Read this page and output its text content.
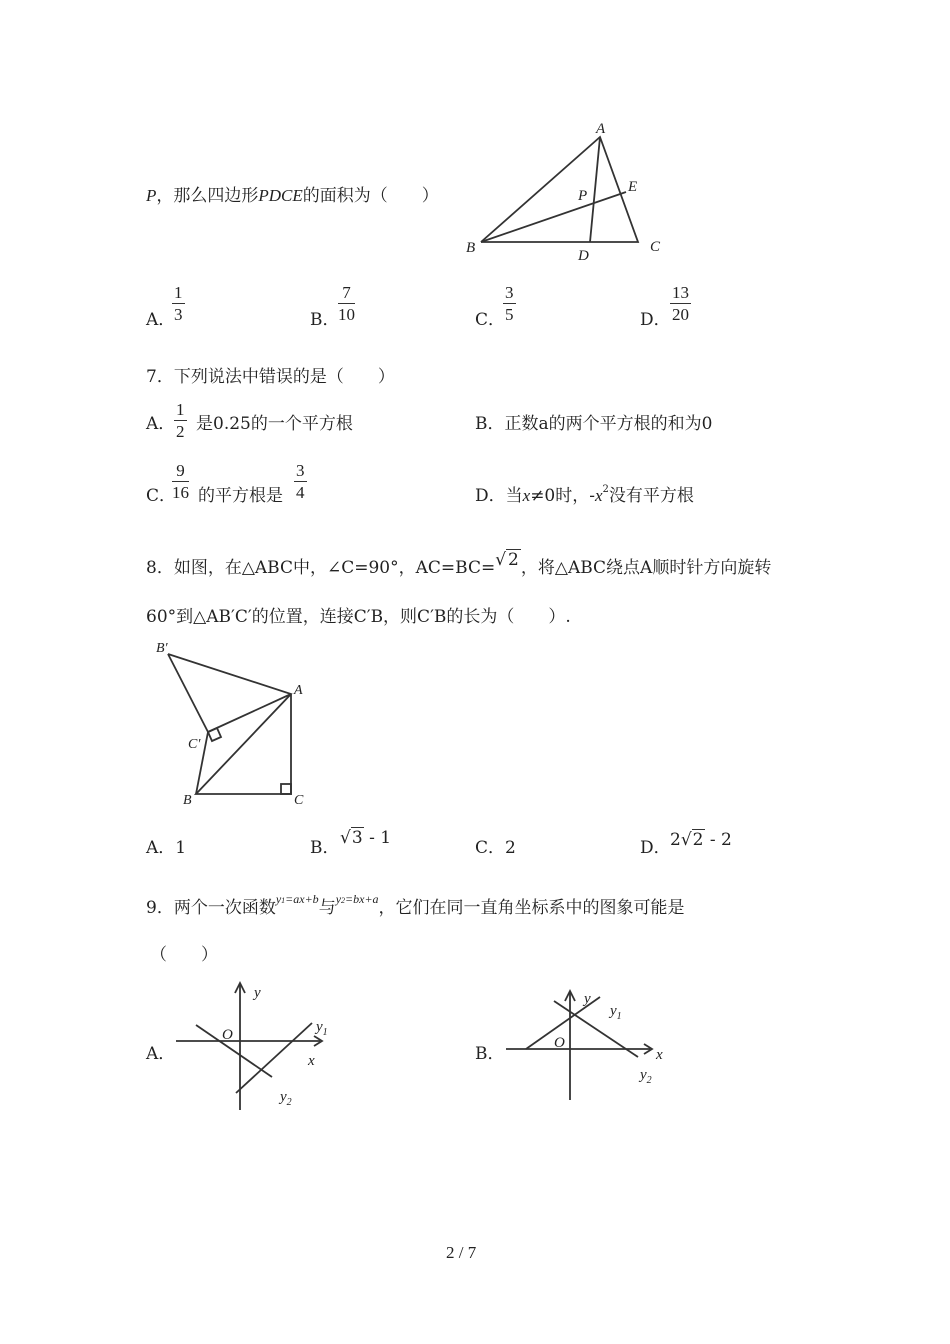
P，那么四边形PDCE的面积为（　　）
A
B	C
D
E
P
A．
1
3	B．
7
10	C．
3
5	D．
13
20
7．下列说法中错误的是（　　）
A．
1
2 是0.25的一个平方根	B．正数a的两个平方根的和为0
C．
9
16 的平方根是
3
4	D．当x≠0时，$-x^2$没有平方根
8．如图，在△ABC中，∠C=90°，AC=BC=√ 2 ，将△ABC绕点A顺时针方向旋转
60°到△AB′C′的位置，连接C′B，则C′B的长为（　　）.
B′
A
C′
B	C
A．1	B． √3 - 1	C．2	D． 2√2 - 2
9．两个一次函数y1=ax+b与y2=bx+a，它们在同一直角坐标系中的图象可能是
（　　）
A．
y
O
x
$y_1$
$y_2$
B．
y
O
x
$y_1$
$y_2$
2 / 7
